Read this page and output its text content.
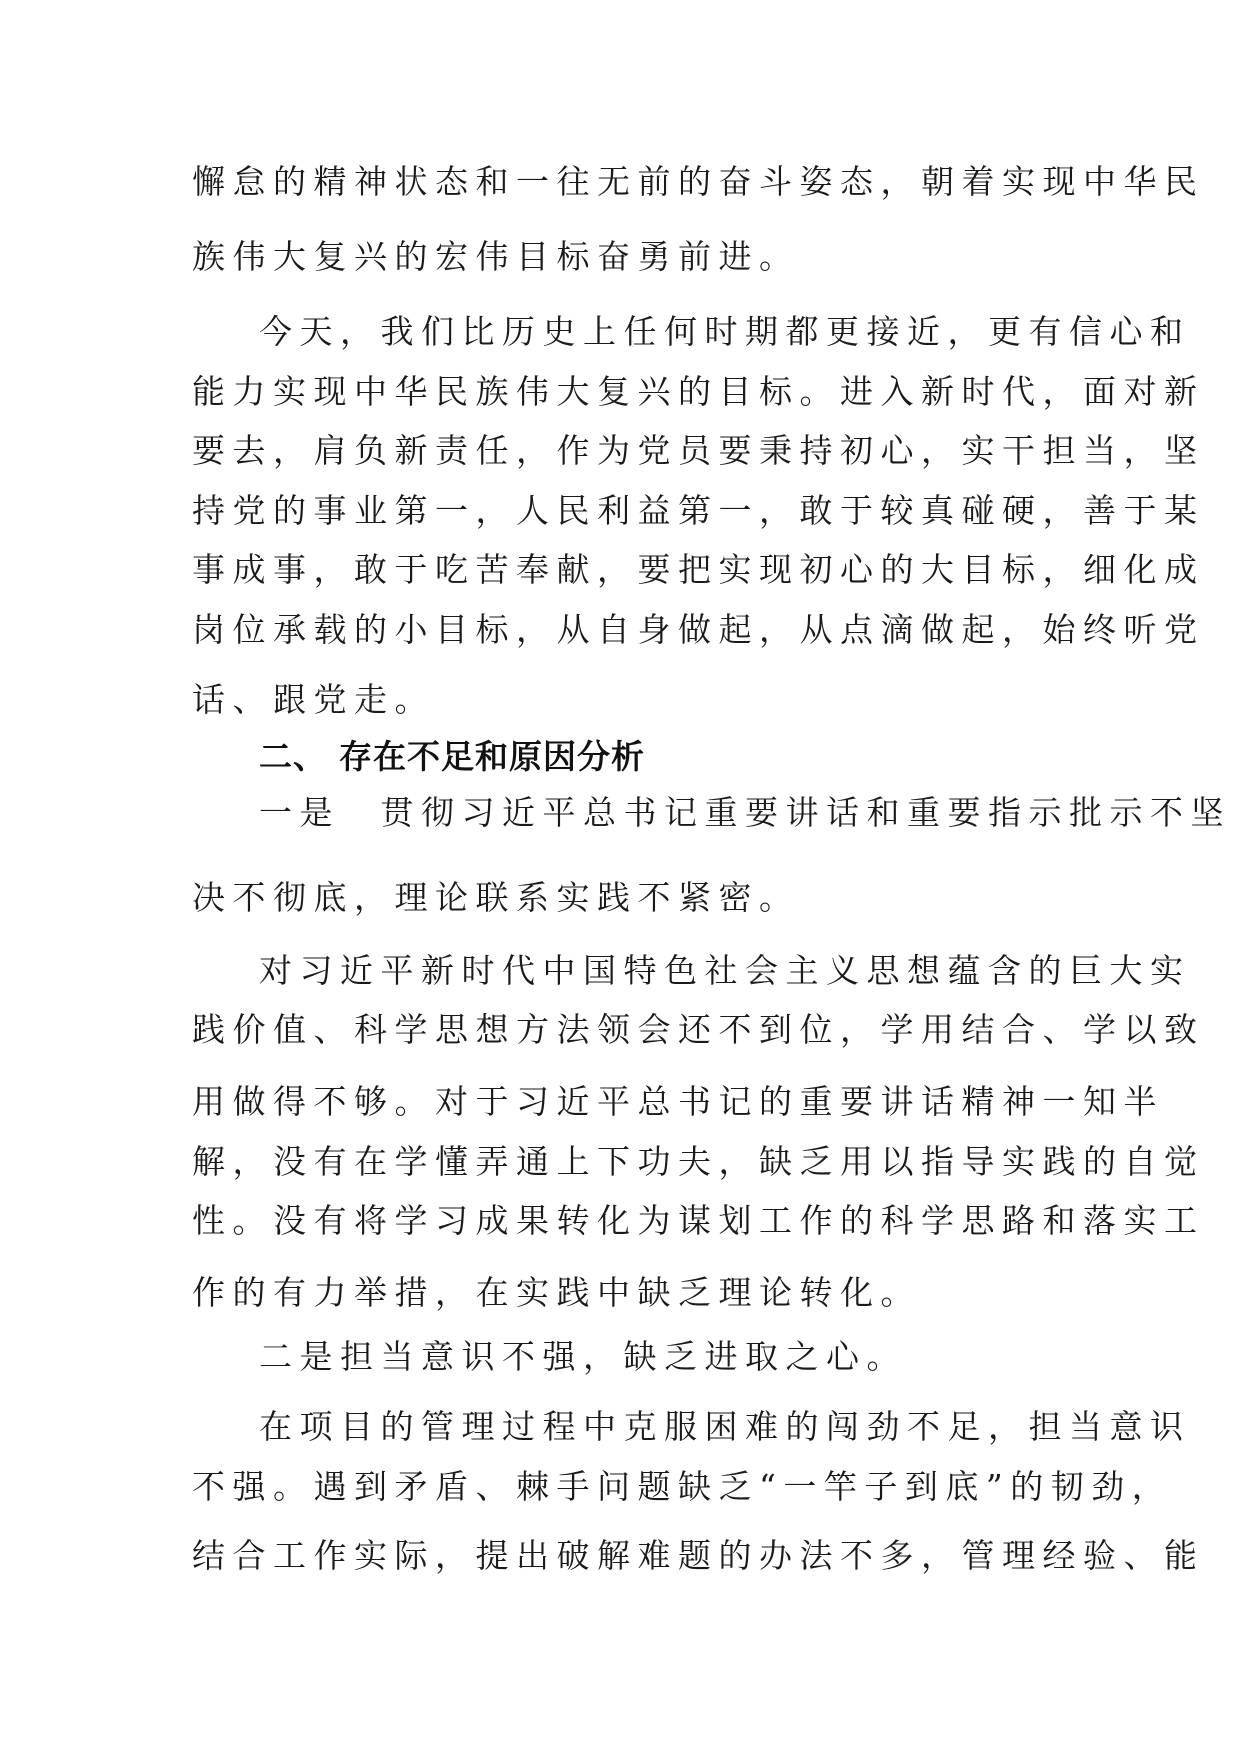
懈怠的精神状态和一往无前的奋斗姿态，朝着实现中华民
族伟大复兴的宏伟目标奋勇前进。
今天，我们比历史上任何时期都更接近，更有信心和
能力实现中华民族伟大复兴的目标。进入新时代，面对新
要去，肩负新责任，作为党员要秉持初心，实干担当，坚
持党的事业第一，人民利益第一，敢于较真碰硬，善于某
事成事，敢于吃苦奉献，要把实现初心的大目标，细化成
岗位承载的小目标，从自身做起，从点滴做起，始终听党
话、跟党走。
二、 存在不足和原因分析
一是　贯彻习近平总书记重要讲话和重要指示批示不坚
决不彻底，理论联系实践不紧密。
对习近平新时代中国特色社会主义思想蕴含的巨大实
践价值、科学思想方法领会还不到位，学用结合、学以致
用做得不够。对于习近平总书记的重要讲话精神一知半
解，没有在学懂弄通上下功夫，缺乏用以指导实践的自觉
性。没有将学习成果转化为谋划工作的科学思路和落实工
作的有力举措，在实践中缺乏理论转化。
二是担当意识不强，缺乏进取之心。
在项目的管理过程中克服困难的闯劲不足，担当意识
不强。遇到矛盾、棘手问题缺乏“一竿子到底”的韧劲，
结合工作实际，提出破解难题的办法不多，管理经验、能
